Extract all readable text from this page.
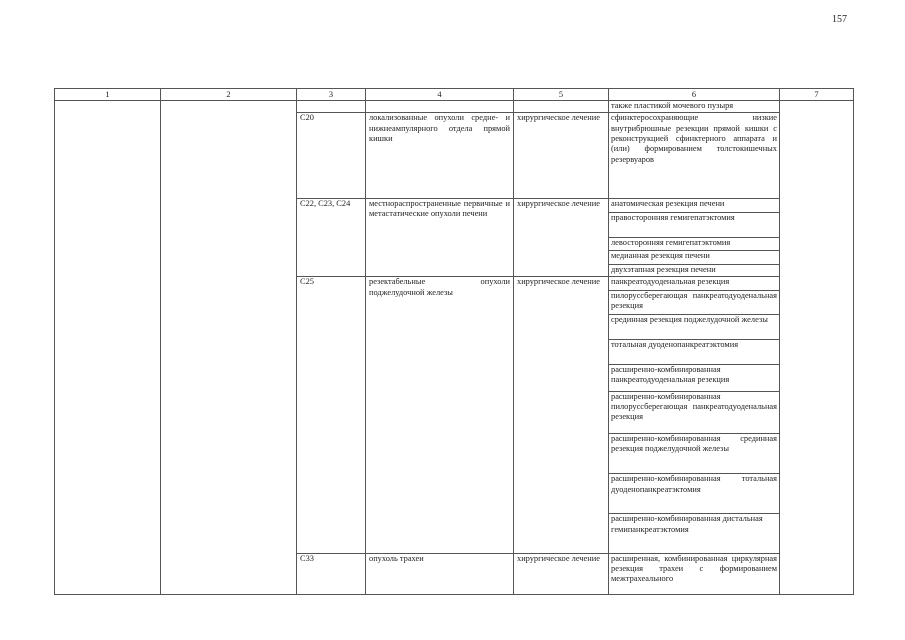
157
1	2	3	4	5	6	7
					также пластикой мочевого пузыря	
		C20	локализованные опухоли средне- и нижнеампулярного отдела прямой кишки	хирургическое лечение	сфинктеросохраняющие низкие внутрибрюшные резекции прямой кишки с реконструкцией сфинктерного аппарата и (или) формированием толстокишечных резервуаров	
		C22, C23, C24	местнораспространенные первичные и метастатические опухоли печени	хирургическое лечение	анатомическая резекция печени	
					правосторонняя гемигепатэктомия	
					левосторонняя гемигепатэктомия	
					медианная резекция печени	
					двухэтапная резекция печени	
		C25	резектабельные опухоли поджелудочной железы	хирургическое лечение	панкреатодуоденальная резекция	
					пилоруссберегающая панкреатодуоденальная резекция	
					срединная резекция поджелудочной железы	
					тотальная дуоденопанкреатэктомия	
					расширенно-комбинированная панкреатодуоденальная резекция	
					расширенно-комбинированная пилоруссберегающая панкреатодуоденальная резекция	
					расширенно-комбинированная срединная резекция поджелудочной железы	
					расширенно-комбинированная тотальная дуоденопанкреатэктомия	
					расширенно-комбинированная дистальная гемипанкреатэктомия	
		C33	опухоль трахеи	хирургическое лечение	расширенная, комбинированная циркулярная резекция трахеи с формированием межтрахеального	
